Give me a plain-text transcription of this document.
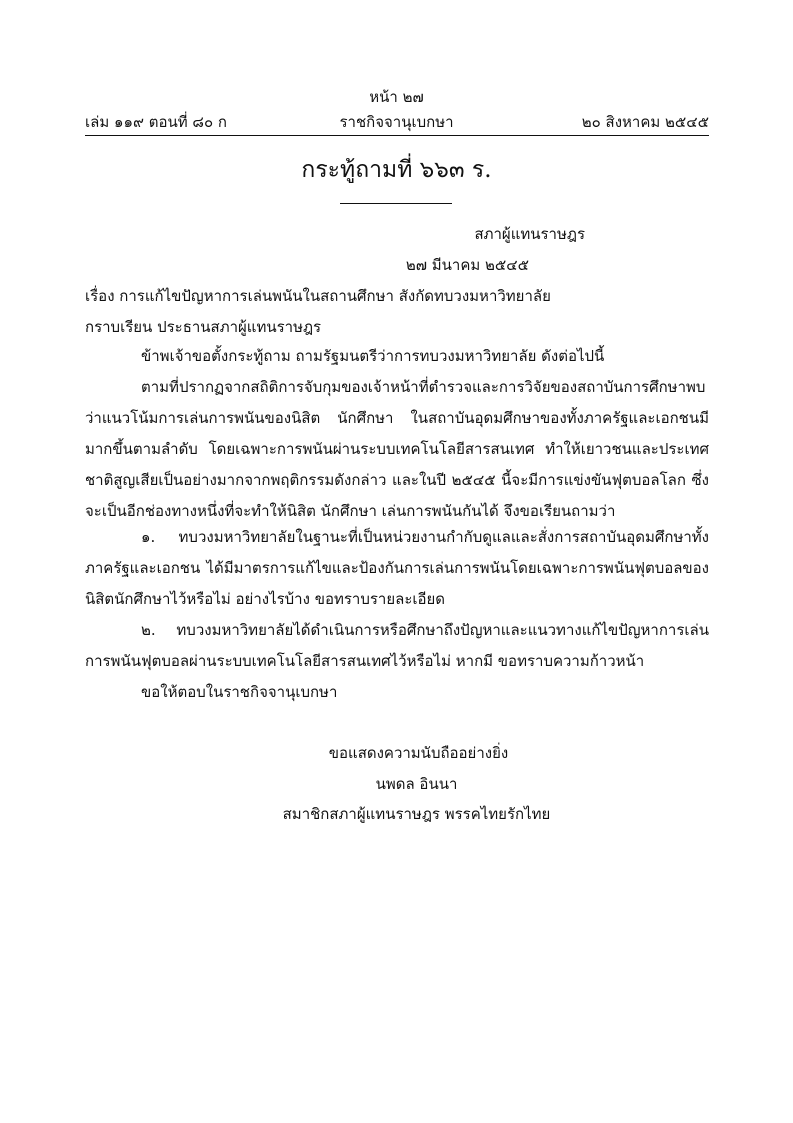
หน้า ๒๗
เล่ม ๑๑๙ ตอนที่ ๘๐ ก	ราชกิจจานุเบกษา	๒๐ สิงหาคม ๒๕๔๕
กระทู้ถามที่ ๖๖๓ ร.
สภาผู้แทนราษฎร
๒๗ มีนาคม ๒๕๔๕
เรื่อง การแก้ไขปัญหาการเล่นพนันในสถานศึกษา สังกัดทบวงมหาวิทยาลัย
กราบเรียน ประธานสภาผู้แทนราษฎร
ข้าพเจ้าขอตั้งกระทู้ถาม ถามรัฐมนตรีว่าการทบวงมหาวิทยาลัย ดังต่อไปนี้
ตามที่ปรากฏจากสถิติการจับกุมของเจ้าหน้าที่ตำรวจและการวิจัยของสถาบันการศึกษาพบว่าแนวโน้มการเล่นการพนันของนิสิต นักศึกษา ในสถาบันอุดมศึกษาของทั้งภาครัฐและเอกชนมีมากขึ้นตามลำดับ โดยเฉพาะการพนันผ่านระบบเทคโนโลยีสารสนเทศ ทำให้เยาวชนและประเทศชาติสูญเสียเป็นอย่างมากจากพฤติกรรมดังกล่าว และในปี ๒๕๔๕ นี้จะมีการแข่งขันฟุตบอลโลก ซึ่งจะเป็นอีกช่องทางหนึ่งที่จะทำให้นิสิต นักศึกษา เล่นการพนันกันได้ จึงขอเรียนถามว่า
๑. ทบวงมหาวิทยาลัยในฐานะที่เป็นหน่วยงานกำกับดูแลและสั่งการสถาบันอุดมศึกษาทั้งภาครัฐและเอกชน ได้มีมาตรการแก้ไขและป้องกันการเล่นการพนันโดยเฉพาะการพนันฟุตบอลของนิสิตนักศึกษาไว้หรือไม่ อย่างไรบ้าง ขอทราบรายละเอียด
๒. ทบวงมหาวิทยาลัยได้ดำเนินการหรือศึกษาถึงปัญหาและแนวทางแก้ไขปัญหาการเล่นการพนันฟุตบอลผ่านระบบเทคโนโลยีสารสนเทศไว้หรือไม่ หากมี ขอทราบความก้าวหน้า
ขอให้ตอบในราชกิจจานุเบกษา
ขอแสดงความนับถืออย่างยิ่ง
นพดล อินนา
สมาชิกสภาผู้แทนราษฎร พรรคไทยรักไทย
